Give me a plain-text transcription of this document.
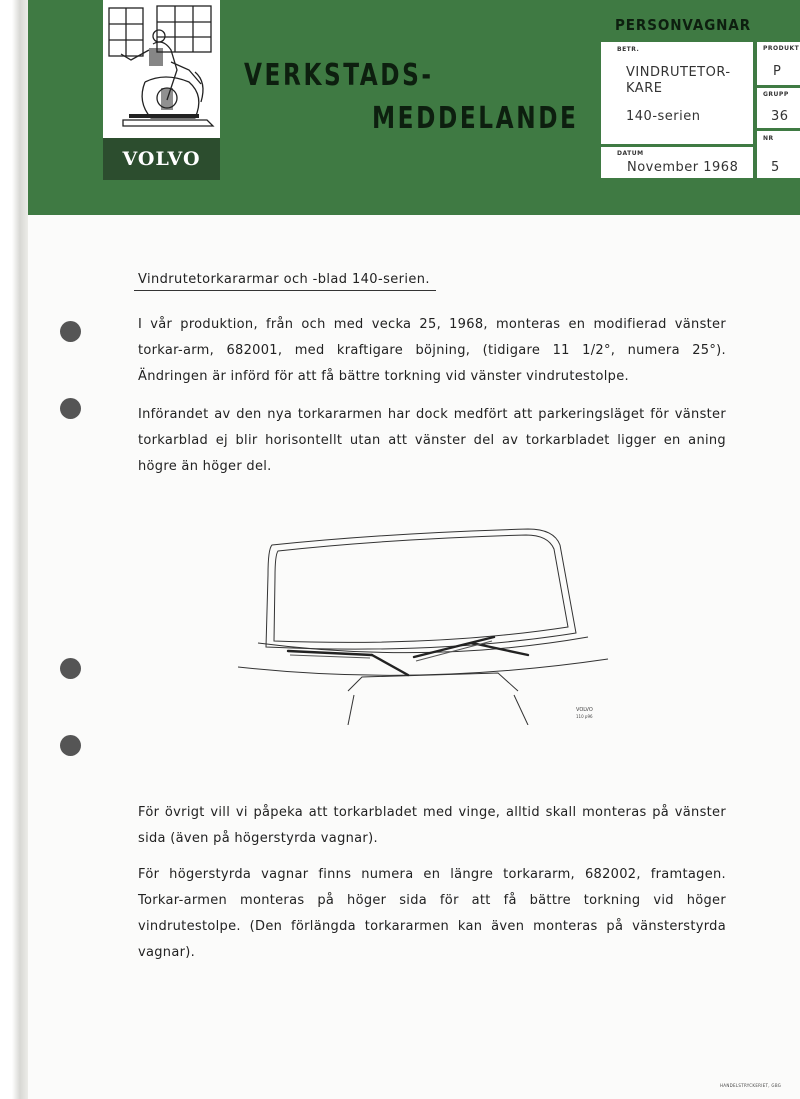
VOLVO
VERKSTADS-
MEDDELANDE
PERSONVAGNAR
BETR.
VINDRUTETOR-
KARE
140-serien
DATUM
November 1968
PRODUKT
P
GRUPP
36
NR
5
Vindrutetorkararmar och -blad 140-serien.
I vår produktion, från och med vecka 25, 1968, monteras en modifierad vänster torkar-arm, 682001, med kraftigare böjning, (tidigare 11 1/2°, numera 25°). Ändringen är införd för att få bättre torkning vid vänster vindrutestolpe.
Införandet av den nya torkararmen har dock medfört att parkeringsläget för vänster torkarblad ej blir horisontellt utan att vänster del av torkarbladet ligger en aning högre än höger del.
VOLVO
110 p96
För övrigt vill vi påpeka att torkarbladet med vinge, alltid skall monteras på vänster sida (även på högerstyrda vagnar).
För högerstyrda vagnar finns numera en längre torkararm, 682002, framtagen. Torkar-armen monteras på höger sida för att få bättre torkning vid höger vindrutestolpe. (Den förlängda torkararmen kan även monteras på vänsterstyrda vagnar).
HANDELSTRYCKERIET, GBG
